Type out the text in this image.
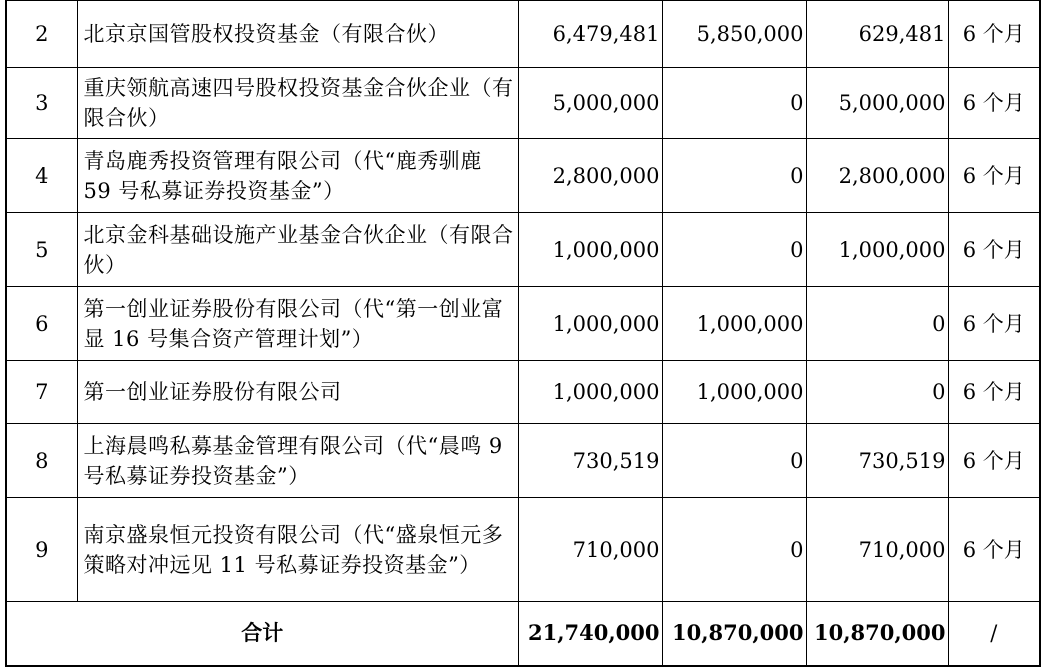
2	北京京国管股权投资基金（有限合伙）	6,479,481	5,850,000	629,481	6 个月
3	重庆领航高速四号股权投资基金合伙企业（有限合伙）	5,000,000	0	5,000,000	6 个月
4	青岛鹿秀投资管理有限公司（代“鹿秀驯鹿 59 号私募证券投资基金”）	2,800,000	0	2,800,000	6 个月
5	北京金科基础设施产业基金合伙企业（有限合伙）	1,000,000	0	1,000,000	6 个月
6	第一创业证券股份有限公司（代“第一创业富显 16 号集合资产管理计划”）	1,000,000	1,000,000	0	6 个月
7	第一创业证券股份有限公司	1,000,000	1,000,000	0	6 个月
8	上海晨鸣私募基金管理有限公司（代“晨鸣 9 号私募证券投资基金”）	730,519	0	730,519	6 个月
9	南京盛泉恒元投资有限公司（代“盛泉恒元多策略对冲远见 11 号私募证券投资基金”）	710,000	0	710,000	6 个月
合计		21,740,000	10,870,000	10,870,000	/
